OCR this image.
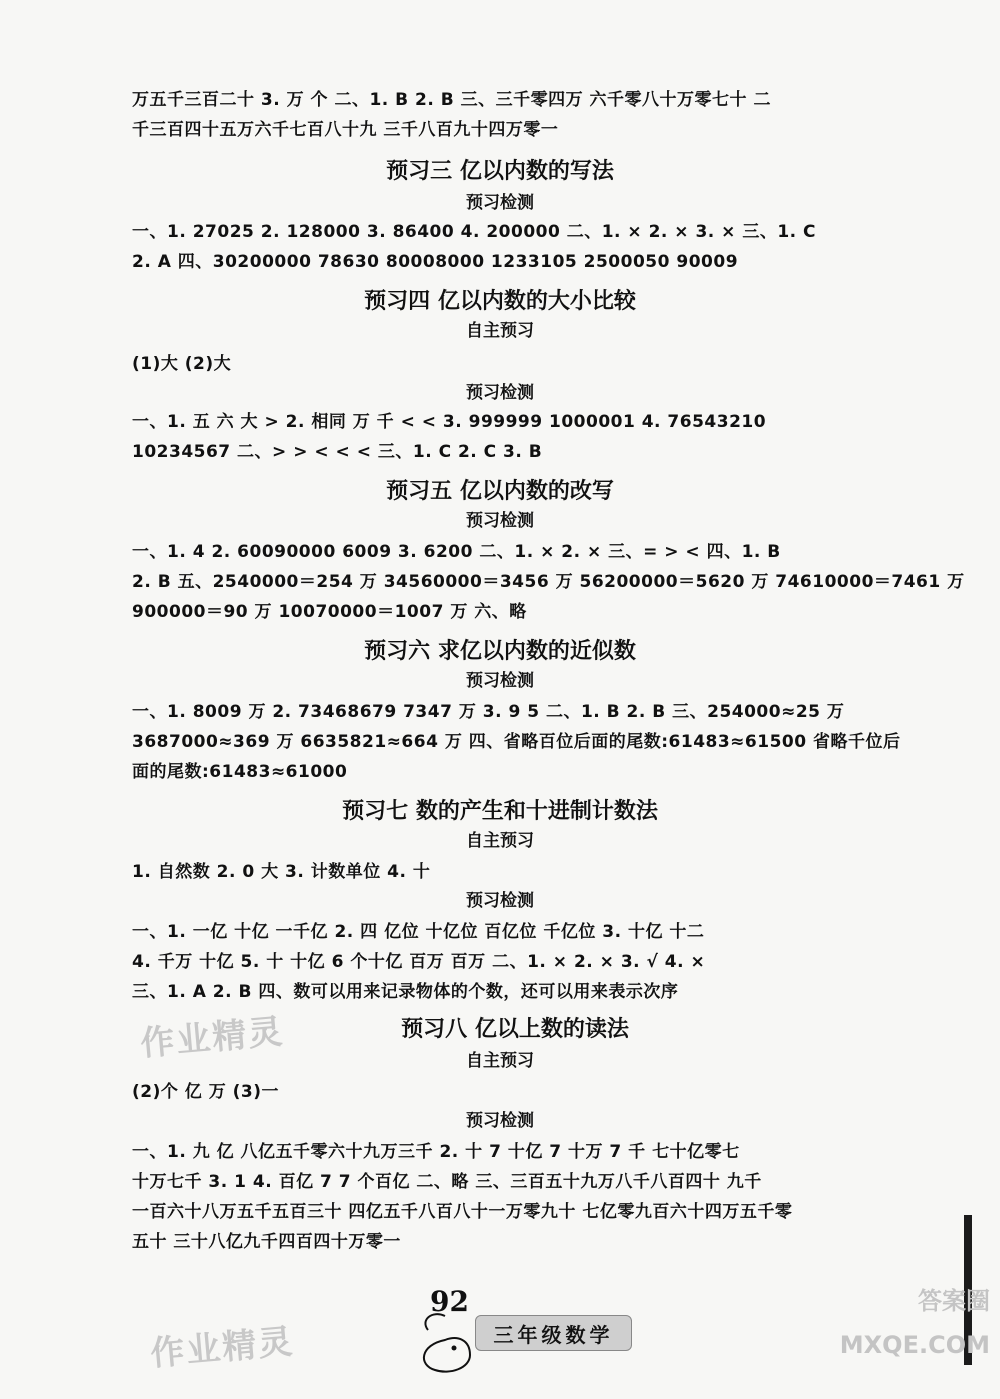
万五千三百二十 3. 万 个 二、1. B 2. B 三、三千零四万 六千零八十万零七十 二
千三百四十五万六千七百八十九 三千八百九十四万零一
预习三 亿以内数的写法
预习检测
一、1. 27025 2. 128000 3. 86400 4. 200000 二、1. × 2. × 3. × 三、1. C
2. A 四、30200000 78630 80008000 1233105 2500050 90009
预习四 亿以内数的大小比较
自主预习
(1)大 (2)大
预习检测
一、1. 五 六 大 > 2. 相同 万 千 < < 3. 999999 1000001 4. 76543210
10234567 二、> > < < < 三、1. C 2. C 3. B
预习五 亿以内数的改写
预习检测
一、1. 4 2. 60090000 6009 3. 6200 二、1. × 2. × 三、= > < 四、1. B
2. B 五、2540000＝254 万 34560000＝3456 万 56200000＝5620 万 74610000＝7461 万
900000＝90 万 10070000＝1007 万 六、略
预习六 求亿以内数的近似数
预习检测
一、1. 8009 万 2. 73468679 7347 万 3. 9 5 二、1. B 2. B 三、254000≈25 万
3687000≈369 万 6635821≈664 万 四、省略百位后面的尾数:61483≈61500 省略千位后
面的尾数:61483≈61000
预习七 数的产生和十进制计数法
自主预习
1. 自然数 2. 0 大 3. 计数单位 4. 十
预习检测
一、1. 一亿 十亿 一千亿 2. 四 亿位 十亿位 百亿位 千亿位 3. 十亿 十二
4. 千万 十亿 5. 十 十亿 6 个十亿 百万 百万 二、1. × 2. × 3. √ 4. ×
三、1. A 2. B 四、数可以用来记录物体的个数，还可以用来表示次序
作业精灵	预习八 亿以上数的读法
自主预习
(2)个 亿 万 (3)一
预习检测
一、1. 九 亿 八亿五千零六十九万三千 2. 十 7 十亿 7 十万 7 千 七十亿零七
十万七千 3. 1 4. 百亿 7 7 个百亿 二、略 三、三百五十九万八千八百四十 九千
一百六十八万五千五百三十 四亿五千八百八十一万零九十 七亿零九百六十四万五千零
五十 三十八亿九千四百四十万零一
作业精灵
92
三年级数学
答案圈
MXQE.COM
